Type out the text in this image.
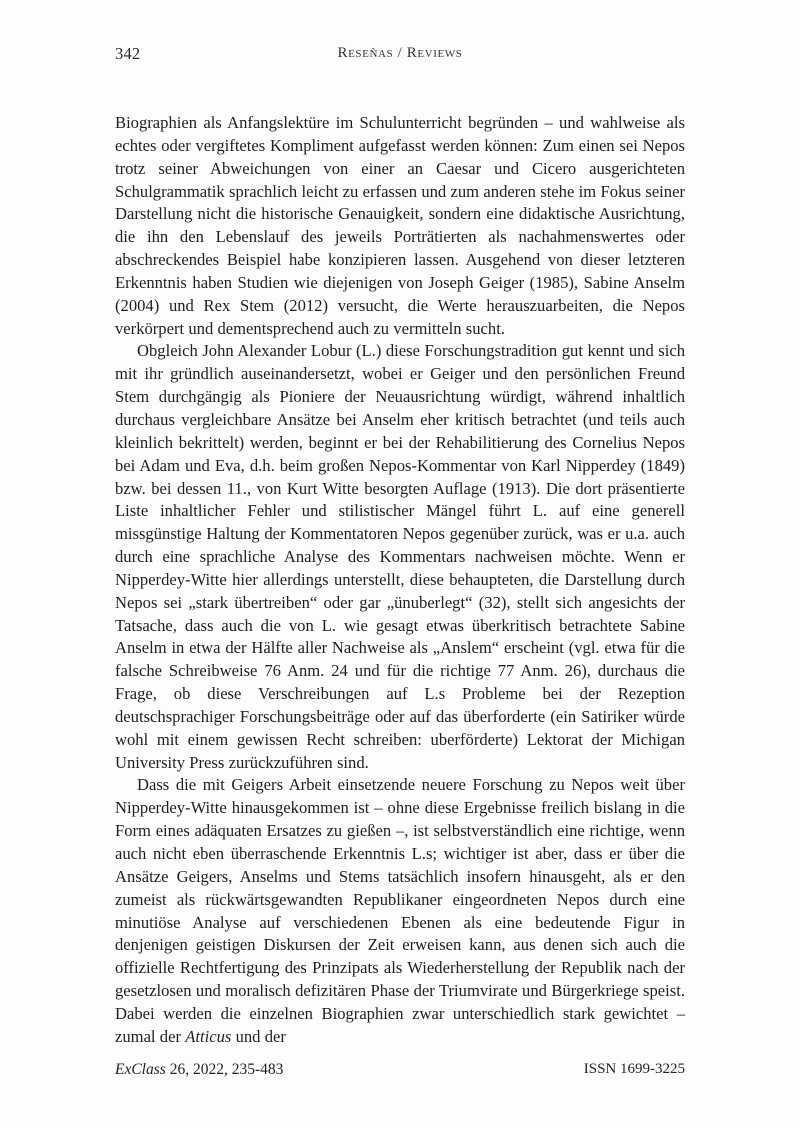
342	Reseñas / Reviews

Biographien als Anfangslektüre im Schulunterricht begründen – und wahlweise als echtes oder vergiftetes Kompliment aufgefasst werden können: Zum einen sei Nepos trotz seiner Abweichungen von einer an Caesar und Cicero ausgerichteten Schulgrammatik sprachlich leicht zu erfassen und zum anderen stehe im Fokus seiner Darstellung nicht die historische Genauigkeit, sondern eine didaktische Ausrichtung, die ihn den Lebenslauf des jeweils Porträtierten als nachahmenswertes oder abschreckendes Beispiel habe konzipieren lassen. Ausgehend von dieser letzteren Erkenntnis haben Studien wie diejenigen von Joseph Geiger (1985), Sabine Anselm (2004) und Rex Stem (2012) versucht, die Werte herauszuarbeiten, die Nepos verkörpert und dementsprechend auch zu vermitteln sucht.

Obgleich John Alexander Lobur (L.) diese Forschungstradition gut kennt und sich mit ihr gründlich auseinandersetzt, wobei er Geiger und den persönlichen Freund Stem durchgängig als Pioniere der Neuausrichtung würdigt, während inhaltlich durchaus vergleichbare Ansätze bei Anselm eher kritisch betrachtet (und teils auch kleinlich bekrittelt) werden, beginnt er bei der Rehabilitierung des Cornelius Nepos bei Adam und Eva, d.h. beim großen Nepos-Kommentar von Karl Nipperdey (1849) bzw. bei dessen 11., von Kurt Witte besorgten Auflage (1913). Die dort präsentierte Liste inhaltlicher Fehler und stilistischer Mängel führt L. auf eine generell missgünstige Haltung der Kommentatoren Nepos gegenüber zurück, was er u.a. auch durch eine sprachliche Analyse des Kommentars nachweisen möchte. Wenn er Nipperdey-Witte hier allerdings unterstellt, diese behaupteten, die Darstellung durch Nepos sei „stark übertreiben“ oder gar „ünuberlegt“ (32), stellt sich angesichts der Tatsache, dass auch die von L. wie gesagt etwas überkritisch betrachtete Sabine Anselm in etwa der Hälfte aller Nachweise als „Anslem“ erscheint (vgl. etwa für die falsche Schreibweise 76 Anm. 24 und für die richtige 77 Anm. 26), durchaus die Frage, ob diese Verschreibungen auf L.s Probleme bei der Rezeption deutschsprachiger Forschungsbeiträge oder auf das überforderte (ein Satiriker würde wohl mit einem gewissen Recht schreiben: uberförderte) Lektorat der Michigan University Press zurückzuführen sind.

Dass die mit Geigers Arbeit einsetzende neuere Forschung zu Nepos weit über Nipperdey-Witte hinausgekommen ist – ohne diese Ergebnisse freilich bislang in die Form eines adäquaten Ersatzes zu gießen –, ist selbstverständlich eine richtige, wenn auch nicht eben überraschende Erkenntnis L.s; wichtiger ist aber, dass er über die Ansätze Geigers, Anselms und Stems tatsächlich insofern hinausgeht, als er den zumeist als rückwärtsgewandten Republikaner eingeordneten Nepos durch eine minutiöse Analyse auf verschiedenen Ebenen als eine bedeutende Figur in denjenigen geistigen Diskursen der Zeit erweisen kann, aus denen sich auch die offizielle Rechtfertigung des Prinzipats als Wiederherstellung der Republik nach der gesetzlosen und moralisch defizitären Phase der Triumvirate und Bürgerkriege speist. Dabei werden die einzelnen Biographien zwar unterschiedlich stark gewichtet – zumal der Atticus und der

ExClass 26, 2022, 235-483	ISSN 1699-3225
